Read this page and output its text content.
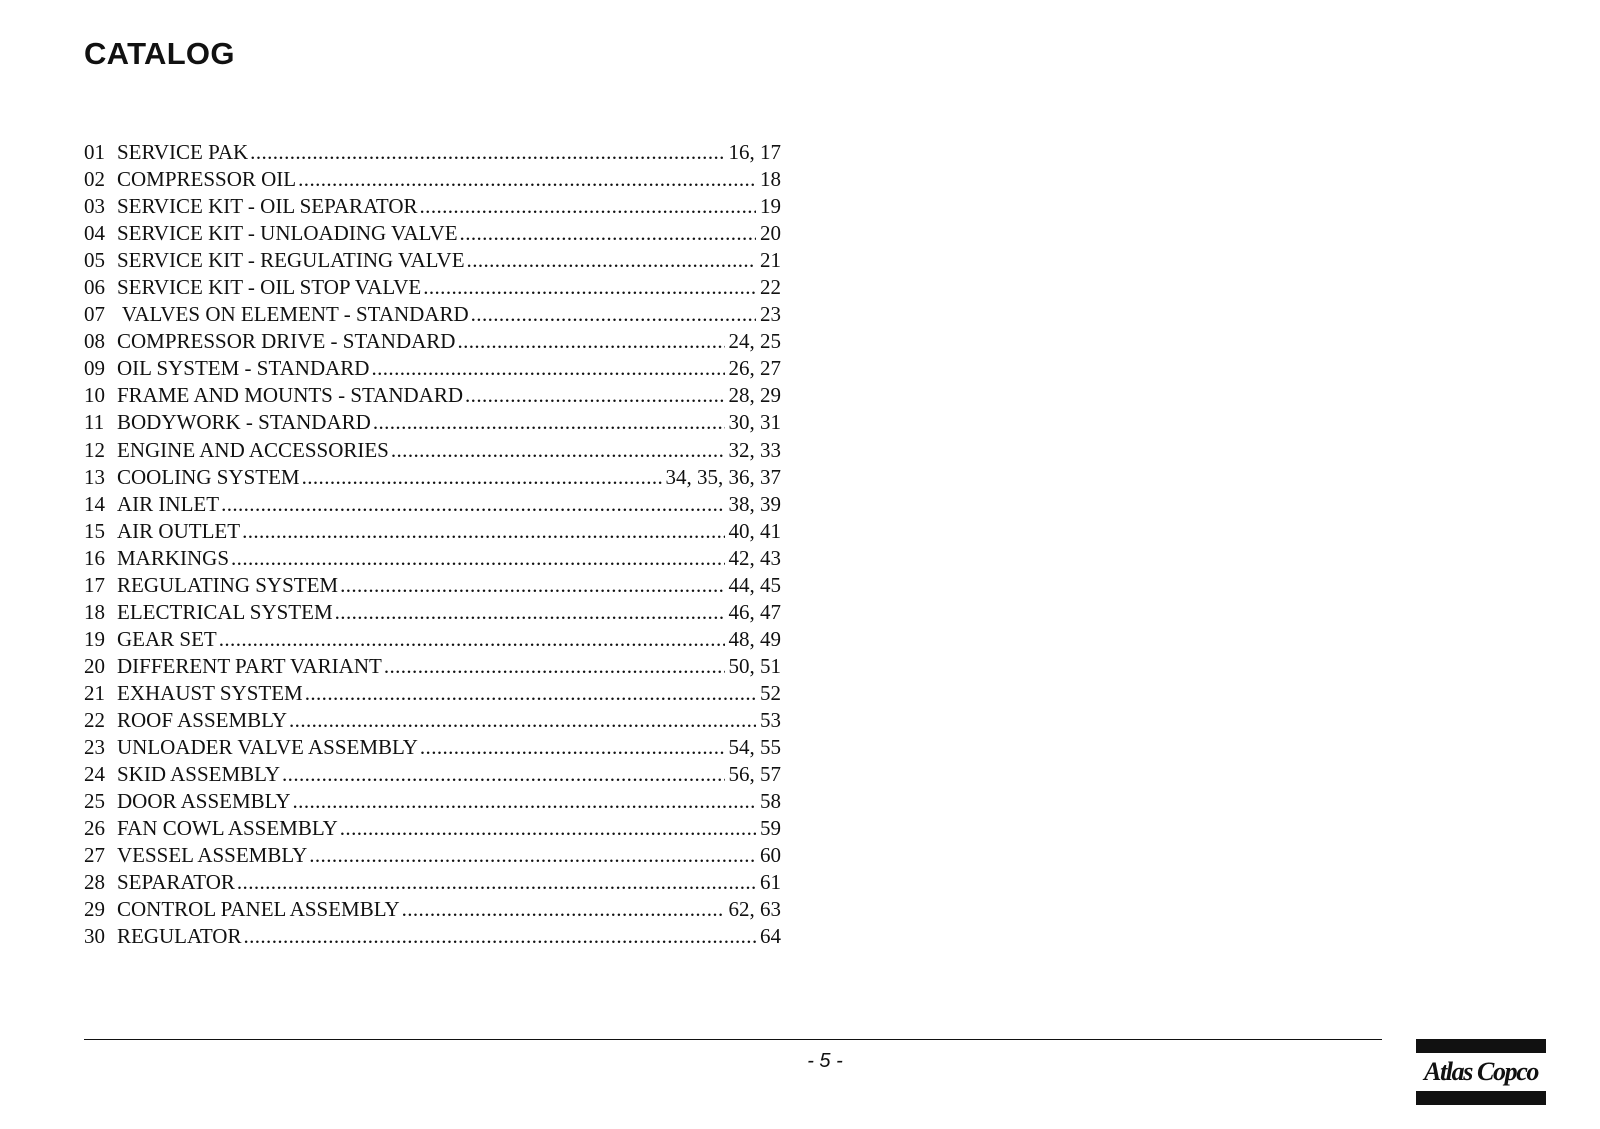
CATALOG
01 SERVICE PAK .....	16, 17
02 COMPRESSOR OIL .....	18
03 SERVICE KIT - OIL SEPARATOR .....	19
04 SERVICE KIT - UNLOADING VALVE .....	20
05 SERVICE KIT - REGULATING VALVE .....	21
06 SERVICE KIT - OIL STOP VALVE .....	22
07 VALVES ON ELEMENT - STANDARD .....	23
08 COMPRESSOR DRIVE - STANDARD .....	24, 25
09 OIL SYSTEM - STANDARD .....	26, 27
10 FRAME AND MOUNTS - STANDARD .....	28, 29
11 BODYWORK - STANDARD .....	30, 31
12 ENGINE AND ACCESSORIES .....	32, 33
13 COOLING SYSTEM .....	34, 35, 36, 37
14 AIR INLET .....	38, 39
15 AIR OUTLET .....	40, 41
16 MARKINGS .....	42, 43
17 REGULATING SYSTEM .....	44, 45
18 ELECTRICAL SYSTEM .....	46, 47
19 GEAR SET .....	48, 49
20 DIFFERENT PART VARIANT .....	50, 51
21 EXHAUST SYSTEM .....	52
22 ROOF ASSEMBLY .....	53
23 UNLOADER VALVE ASSEMBLY .....	54, 55
24 SKID ASSEMBLY .....	56, 57
25 DOOR ASSEMBLY .....	58
26 FAN COWL ASSEMBLY .....	59
27 VESSEL ASSEMBLY .....	60
28 SEPARATOR .....	61
29 CONTROL PANEL ASSEMBLY .....	62, 63
30 REGULATOR .....	64
- 5 -	Atlas Copco
